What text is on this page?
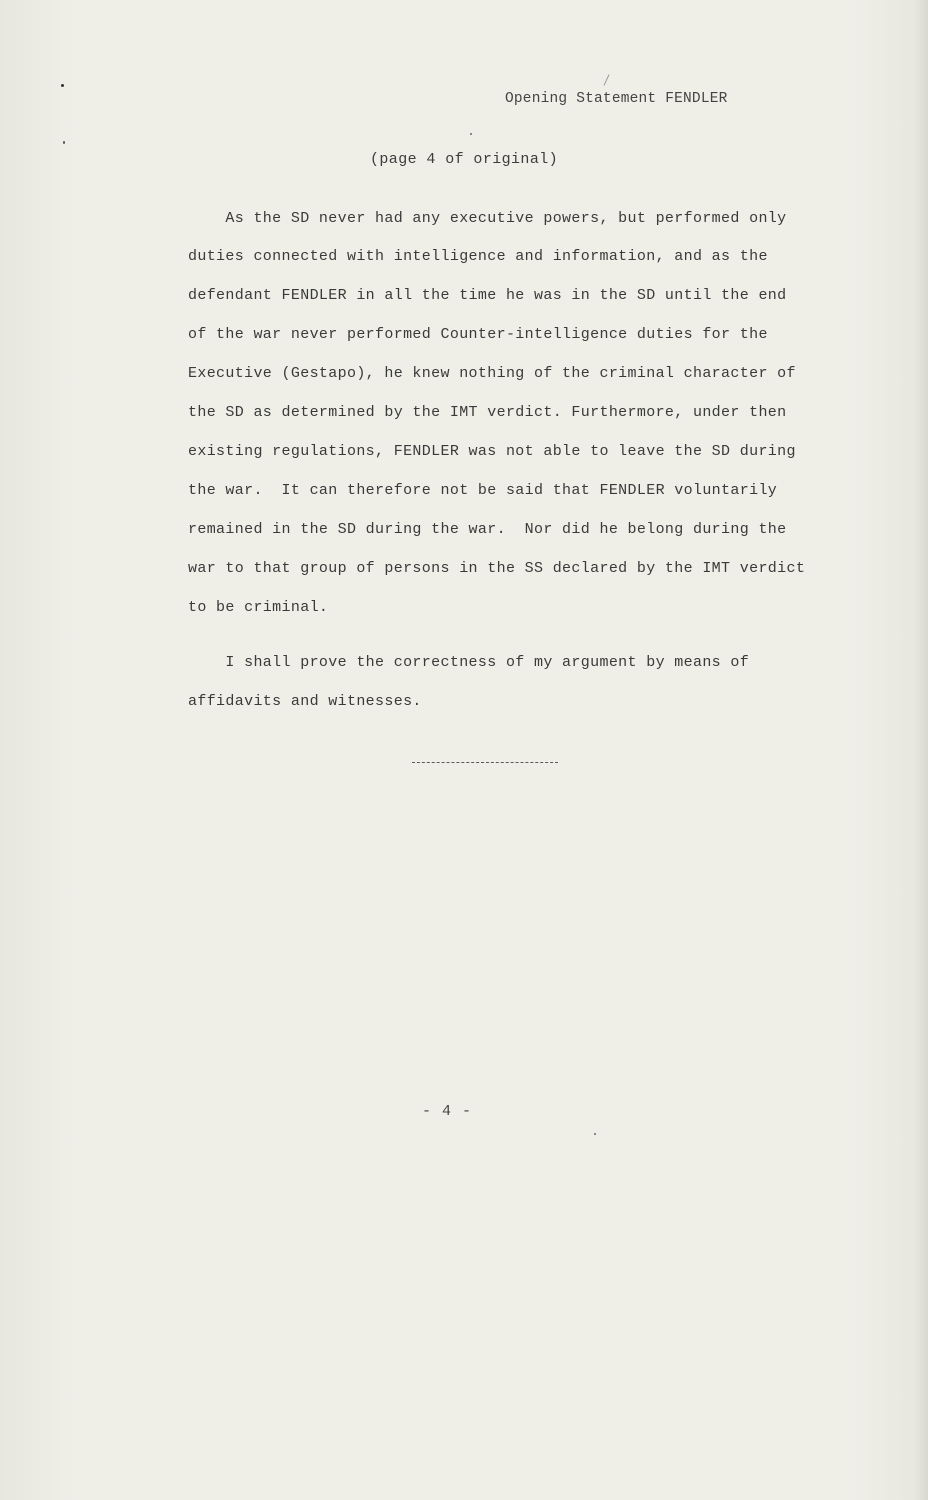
Opening Statement FENDLER
(page 4 of original)
As the SD never had any executive powers, but performed only
duties connected with intelligence and information, and as the
defendant FENDLER in all the time he was in the SD until the end
of the war never performed Counter-intelligence duties for the
Executive (Gestapo), he knew nothing of the criminal character of
the SD as determined by the IMT verdict. Furthermore, under then
existing regulations, FENDLER was not able to leave the SD during
the war.  It can therefore not be said that FENDLER voluntarily
remained in the SD during the war.  Nor did he belong during the
war to that group of persons in the SS declared by the IMT verdict
to be criminal.
I shall prove the correctness of my argument by means of
affidavits and witnesses.
- 4 -
